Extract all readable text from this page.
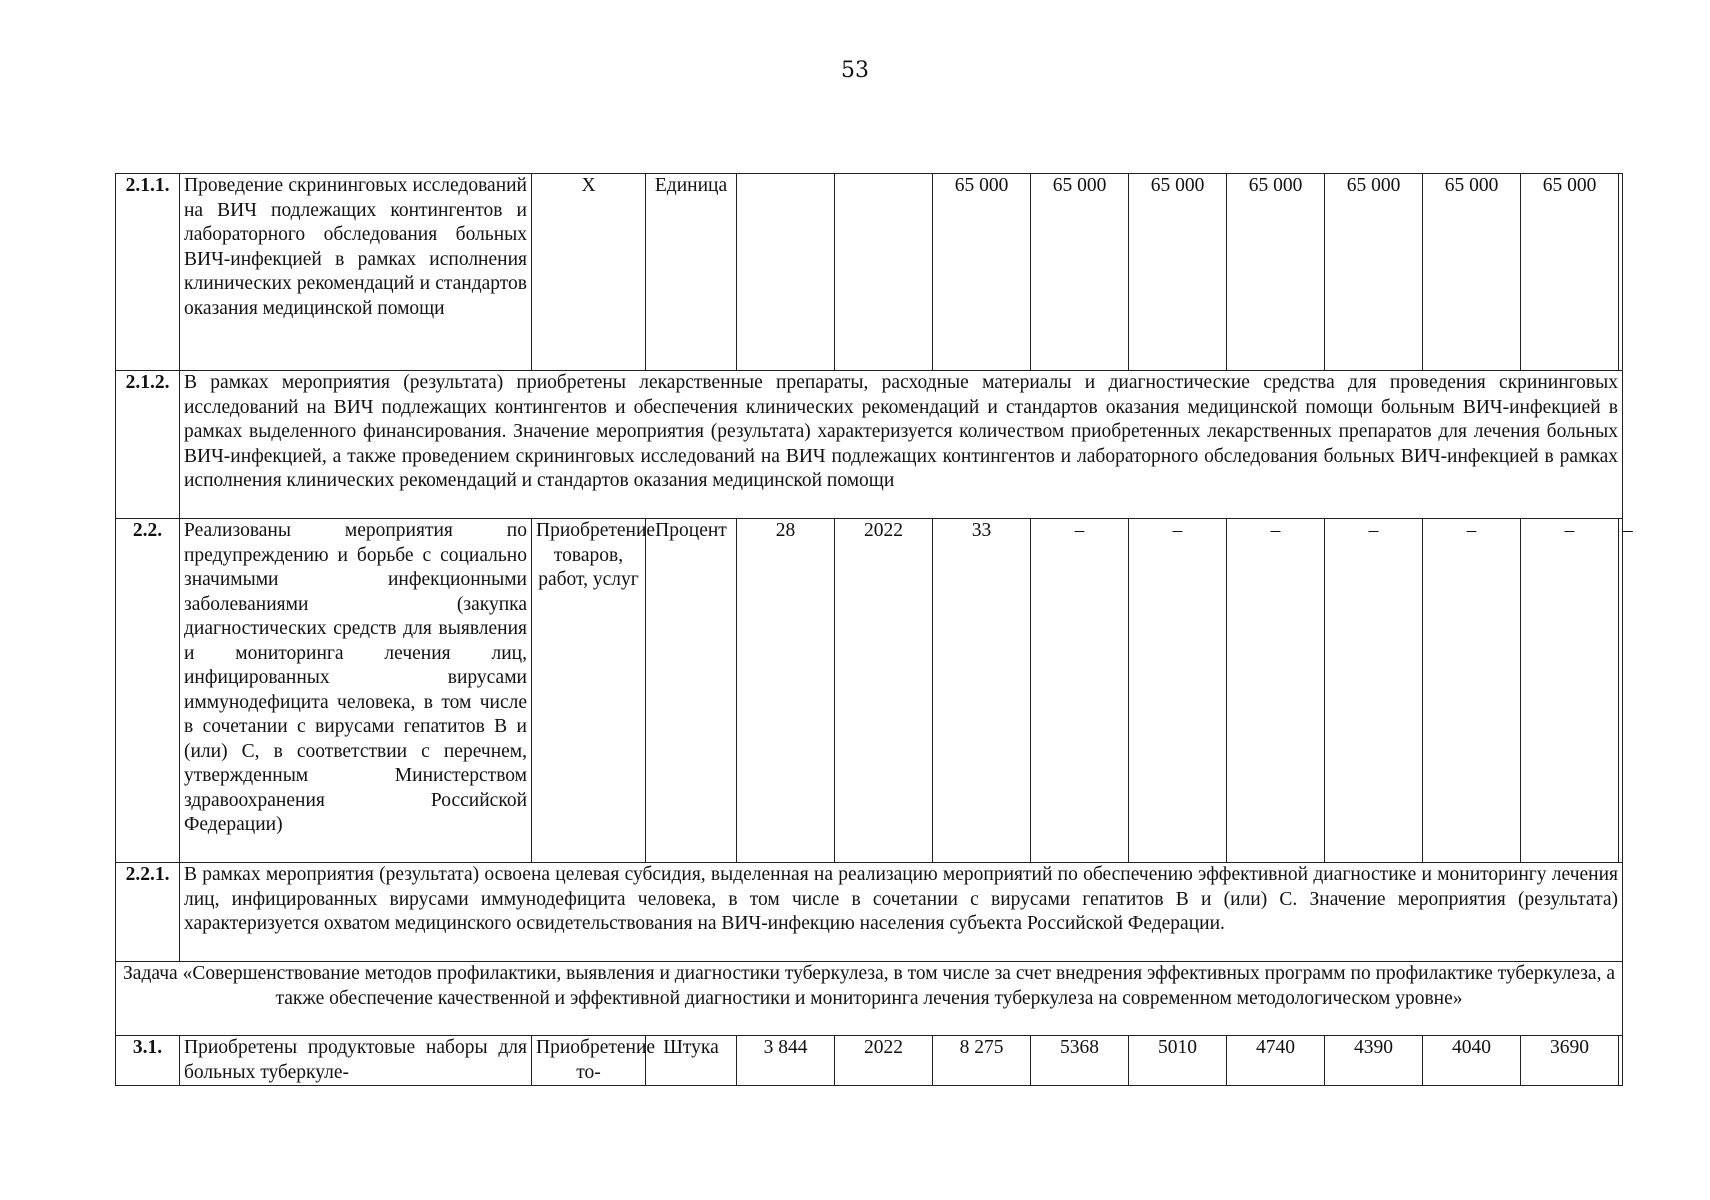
53
2.1.1.	Проведение скрининговых исследований на ВИЧ подлежащих контингентов и лабораторного обследования больных ВИЧ-инфекцией в рамках исполнения клинических рекомендаций и стандартов оказания медицинской помощи	Х	Единица			65 000	65 000	65 000	65 000	65 000	65 000	65 000	
2.1.2.	В рамках мероприятия (результата) приобретены лекарственные препараты, расходные материалы и диагностические средства для проведения скрининговых исследований на ВИЧ подлежащих контингентов и обеспечения клинических рекомендаций и стандартов оказания медицинской помощи больным ВИЧ-инфекцией в рамках выделенного финансирования. Значение мероприятия (результата) характеризуется количеством приобретенных лекарственных препаратов для лечения больных ВИЧ-инфекцией, а также проведением скрининговых исследований на ВИЧ подлежащих контингентов и лабораторного обследования больных ВИЧ-инфекцией в рамках исполнения клинических рекомендаций и стандартов оказания медицинской помощи												
2.2.	Реализованы мероприятия по предупреждению и борьбе с социально значимыми инфекционными заболеваниями (закупка диагностических средств для выявления и мониторинга лечения лиц, инфицированных вирусами иммунодефицита человека, в том числе в сочетании с вирусами гепатитов В и (или) С, в соответствии с перечнем, утвержденным Министерством здравоохранения Российской Федерации)	Приобретение товаров, работ, услуг	Процент	28	2022	33	–	–	–	–	–	–	–
2.2.1.	В рамках мероприятия (результата) освоена целевая субсидия, выделенная на реализацию мероприятий по обеспечению эффективной диагностике и мониторингу лечения лиц, инфицированных вирусами иммунодефицита человека, в том числе в сочетании с вирусами гепатитов В и (или) С. Значение мероприятия (результата) характеризуется охватом медицинского освидетельствования на ВИЧ-инфекцию населения субъекта Российской Федерации.												
Задача «Совершенствование методов профилактики, выявления и диагностики туберкулеза, в том числе за счет внедрения эффективных программ по профилактике туберкулеза, а также обеспечение качественной и эффективной диагностики и мониторинга лечения туберкулеза на современном методологическом уровне»													
3.1.	Приобретены продуктовые наборы для больных туберкуле-	Приобретение то-	Штука	3 844	2022	8 275	5368	5010	4740	4390	4040	3690	
